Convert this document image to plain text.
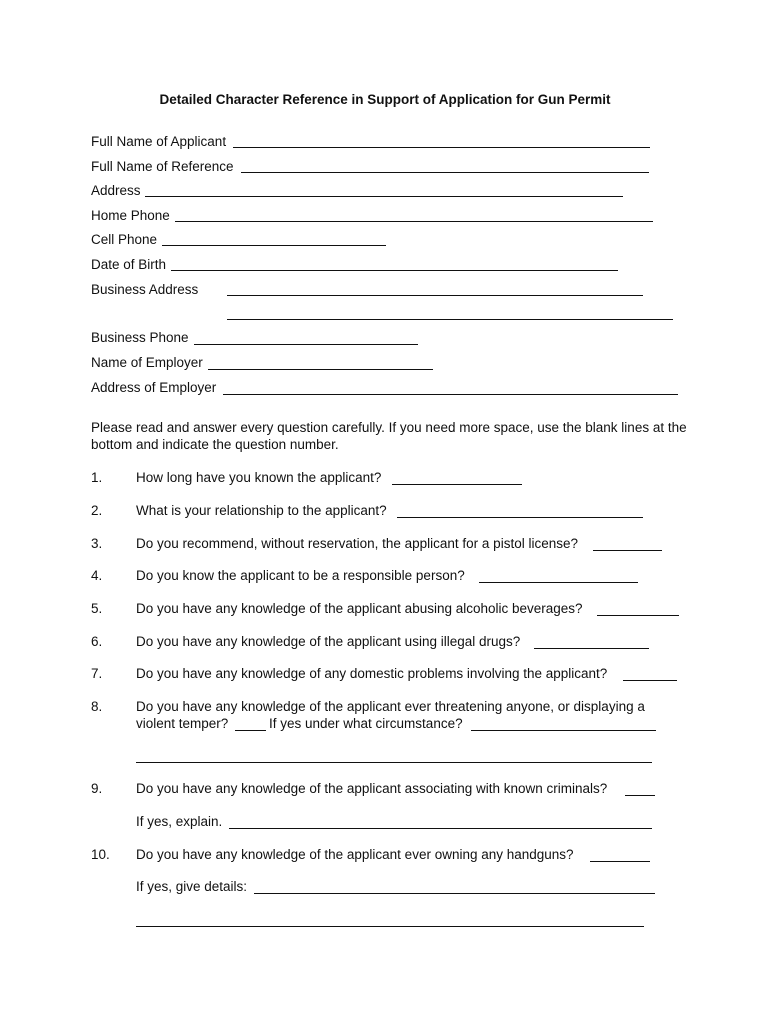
Detailed Character Reference in Support of Application for Gun Permit
Full Name of Applicant
Full Name of Reference
Address
Home Phone
Cell Phone
Date of Birth
Business Address
Business Phone
Name of Employer
Address of Employer
Please read and answer every question carefully. If you need more space, use the blank lines at the bottom and indicate the question number.
1. How long have you known the applicant?
2. What is your relationship to the applicant?
3. Do you recommend, without reservation, the applicant for a pistol license?
4. Do you know the applicant to be a responsible person?
5. Do you have any knowledge of the applicant abusing alcoholic beverages?
6. Do you have any knowledge of the applicant using illegal drugs?
7. Do you have any knowledge of any domestic problems involving the applicant?
8. Do you have any knowledge of the applicant ever threatening anyone, or displaying a
violent temper?	If yes under what circumstance?
9. Do you have any knowledge of the applicant associating with known criminals?
If yes, explain.
10. Do you have any knowledge of the applicant ever owning any handguns?
If yes, give details:
